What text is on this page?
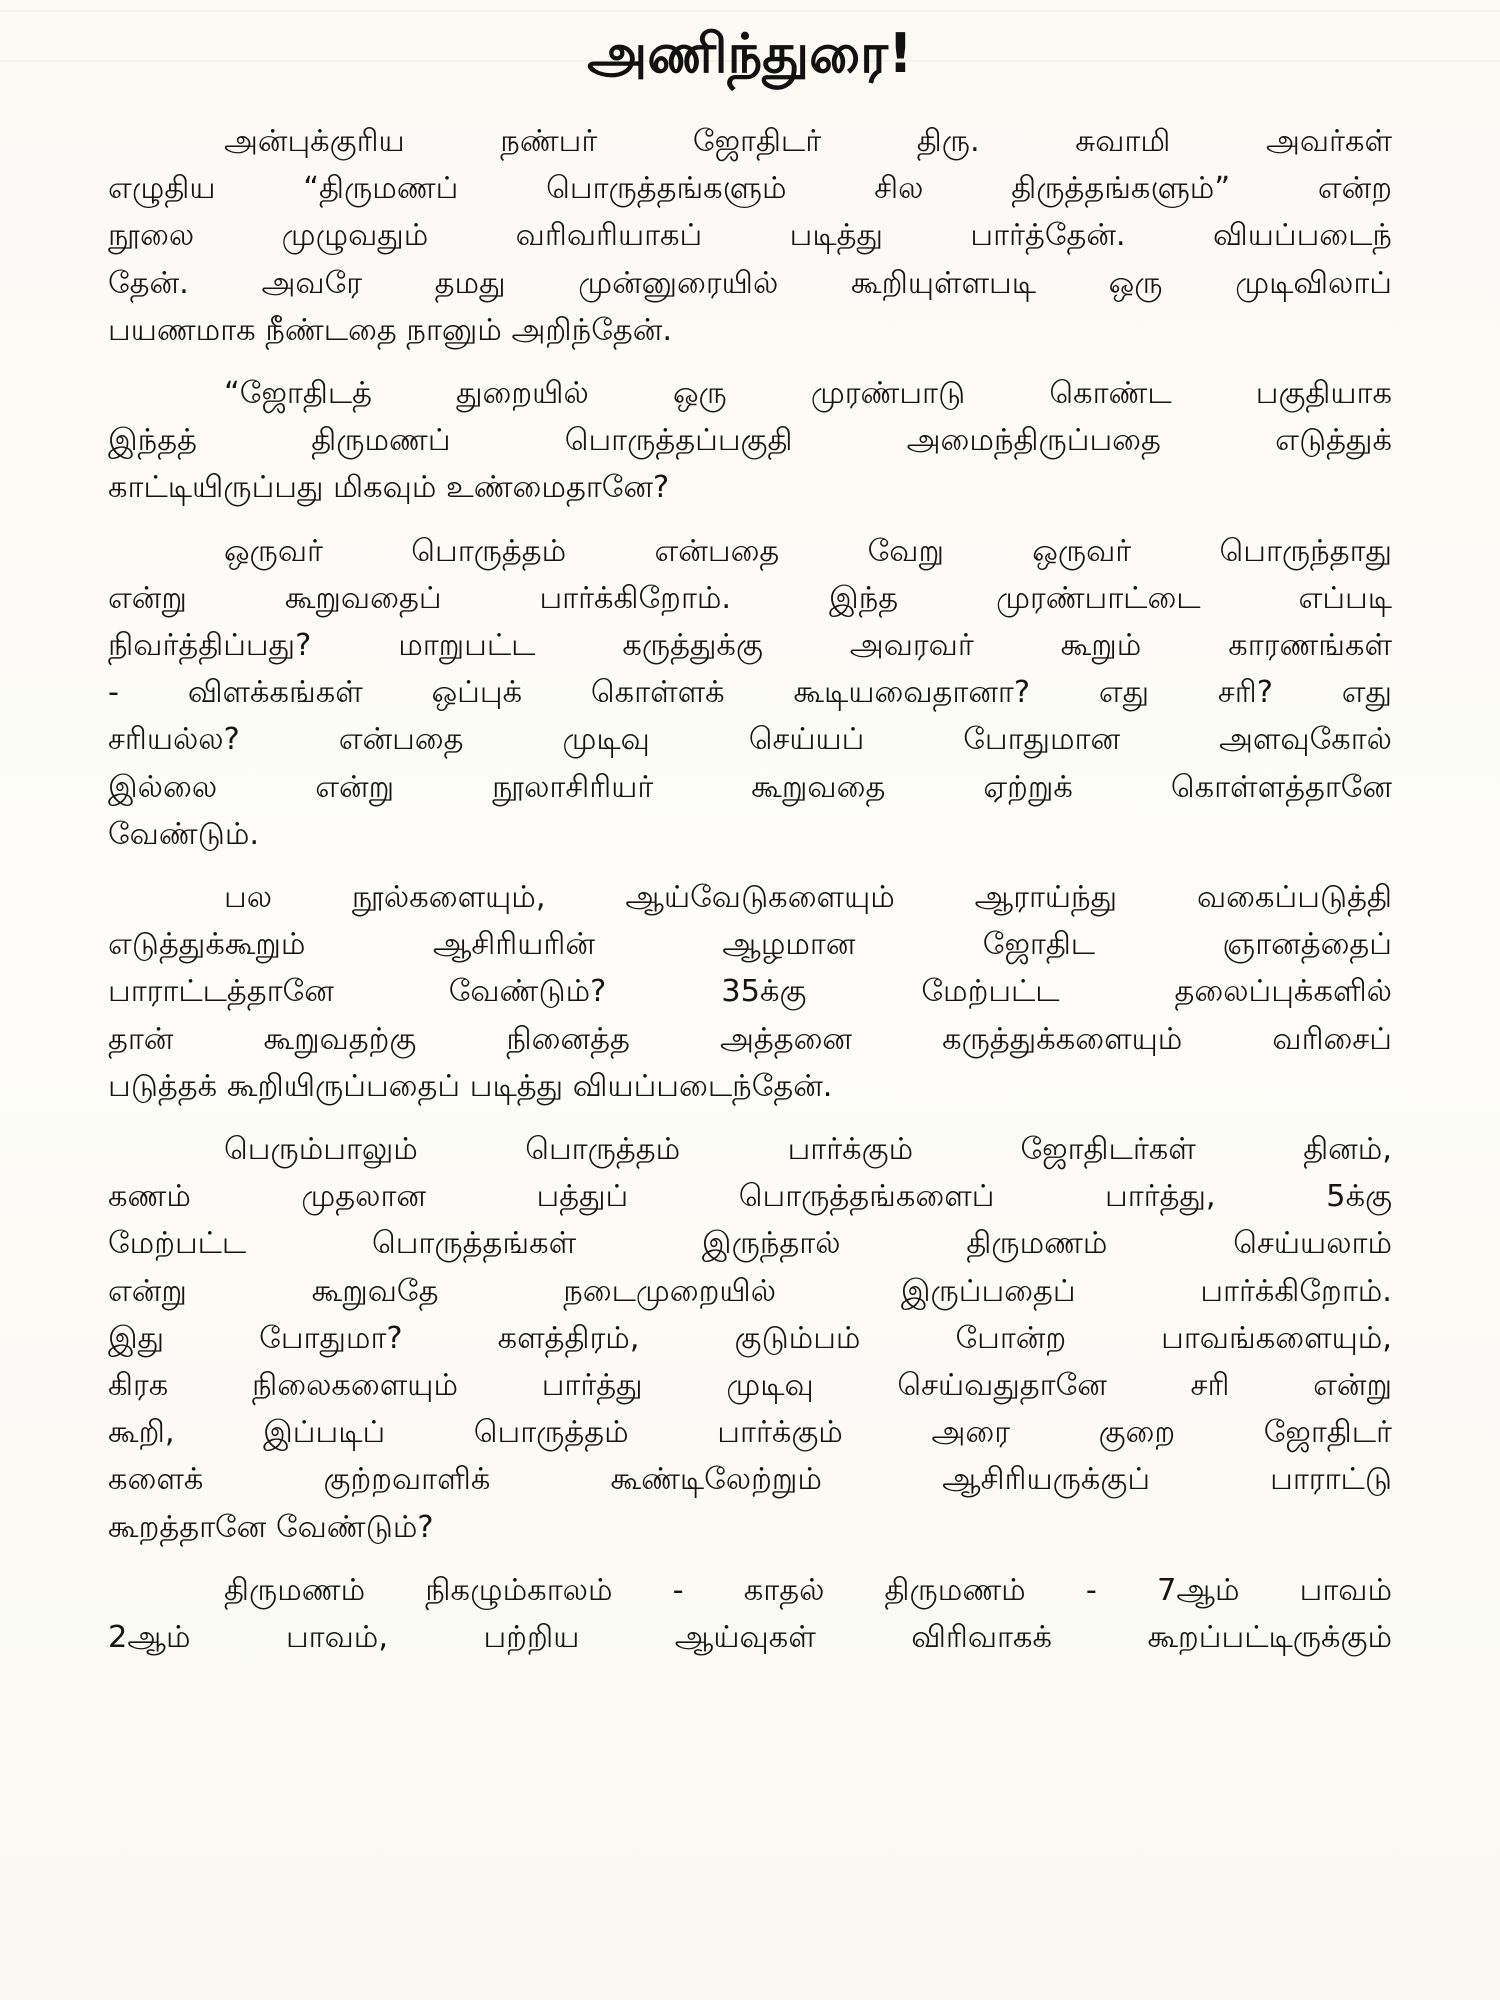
அணிந்துரை!

அன்புக்குரிய நண்பர் ஜோதிடர் திரு. சுவாமி அவர்கள்
எழுதிய “திருமணப் பொருத்தங்களும் சில திருத்தங்களும்” என்ற
நூலை முழுவதும் வரிவரியாகப் படித்து பார்த்தேன். வியப்படைந்
தேன். அவரே தமது முன்னுரையில் கூறியுள்ளபடி ஒரு முடிவிலாப்
பயணமாக நீண்டதை நானும் அறிந்தேன்.

“ஜோதிடத் துறையில் ஒரு முரண்பாடு கொண்ட பகுதியாக
இந்தத் திருமணப் பொருத்தப்பகுதி அமைந்திருப்பதை எடுத்துக்
காட்டியிருப்பது மிகவும் உண்மைதானே?

ஒருவர் பொருத்தம் என்பதை வேறு ஒருவர் பொருந்தாது
என்று கூறுவதைப் பார்க்கிறோம். இந்த முரண்பாட்டை எப்படி
நிவர்த்திப்பது? மாறுபட்ட கருத்துக்கு அவரவர் கூறும் காரணங்கள்
- விளக்கங்கள் ஒப்புக் கொள்ளக் கூடியவைதானா? எது சரி? எது
சரியல்ல? என்பதை முடிவு செய்யப் போதுமான அளவுகோல்
இல்லை என்று நூலாசிரியர் கூறுவதை ஏற்றுக் கொள்ளத்தானே
வேண்டும்.

பல நூல்களையும், ஆய்வேடுகளையும் ஆராய்ந்து வகைப்படுத்தி
எடுத்துக்கூறும் ஆசிரியரின் ஆழமான ஜோதிட ஞானத்தைப்
பாராட்டத்தானே வேண்டும்? 35க்கு மேற்பட்ட தலைப்புக்களில்
தான் கூறுவதற்கு நினைத்த அத்தனை கருத்துக்களையும் வரிசைப்
படுத்தக் கூறியிருப்பதைப் படித்து வியப்படைந்தேன்.

பெரும்பாலும் பொருத்தம் பார்க்கும் ஜோதிடர்கள் தினம்,
கணம் முதலான பத்துப் பொருத்தங்களைப் பார்த்து, 5க்கு
மேற்பட்ட பொருத்தங்கள் இருந்தால் திருமணம் செய்யலாம்
என்று கூறுவதே நடைமுறையில் இருப்பதைப் பார்க்கிறோம்.
இது போதுமா? களத்திரம், குடும்பம் போன்ற பாவங்களையும்,
கிரக நிலைகளையும் பார்த்து முடிவு செய்வதுதானே சரி என்று
கூறி, இப்படிப் பொருத்தம் பார்க்கும் அரை குறை ஜோதிடர்
களைக் குற்றவாளிக் கூண்டிலேற்றும் ஆசிரியருக்குப் பாராட்டு
கூறத்தானே வேண்டும்?

திருமணம் நிகழும்காலம் - காதல் திருமணம் - 7ஆம் பாவம்
2ஆம் பாவம், பற்றிய ஆய்வுகள் விரிவாகக் கூறப்பட்டிருக்கும்
